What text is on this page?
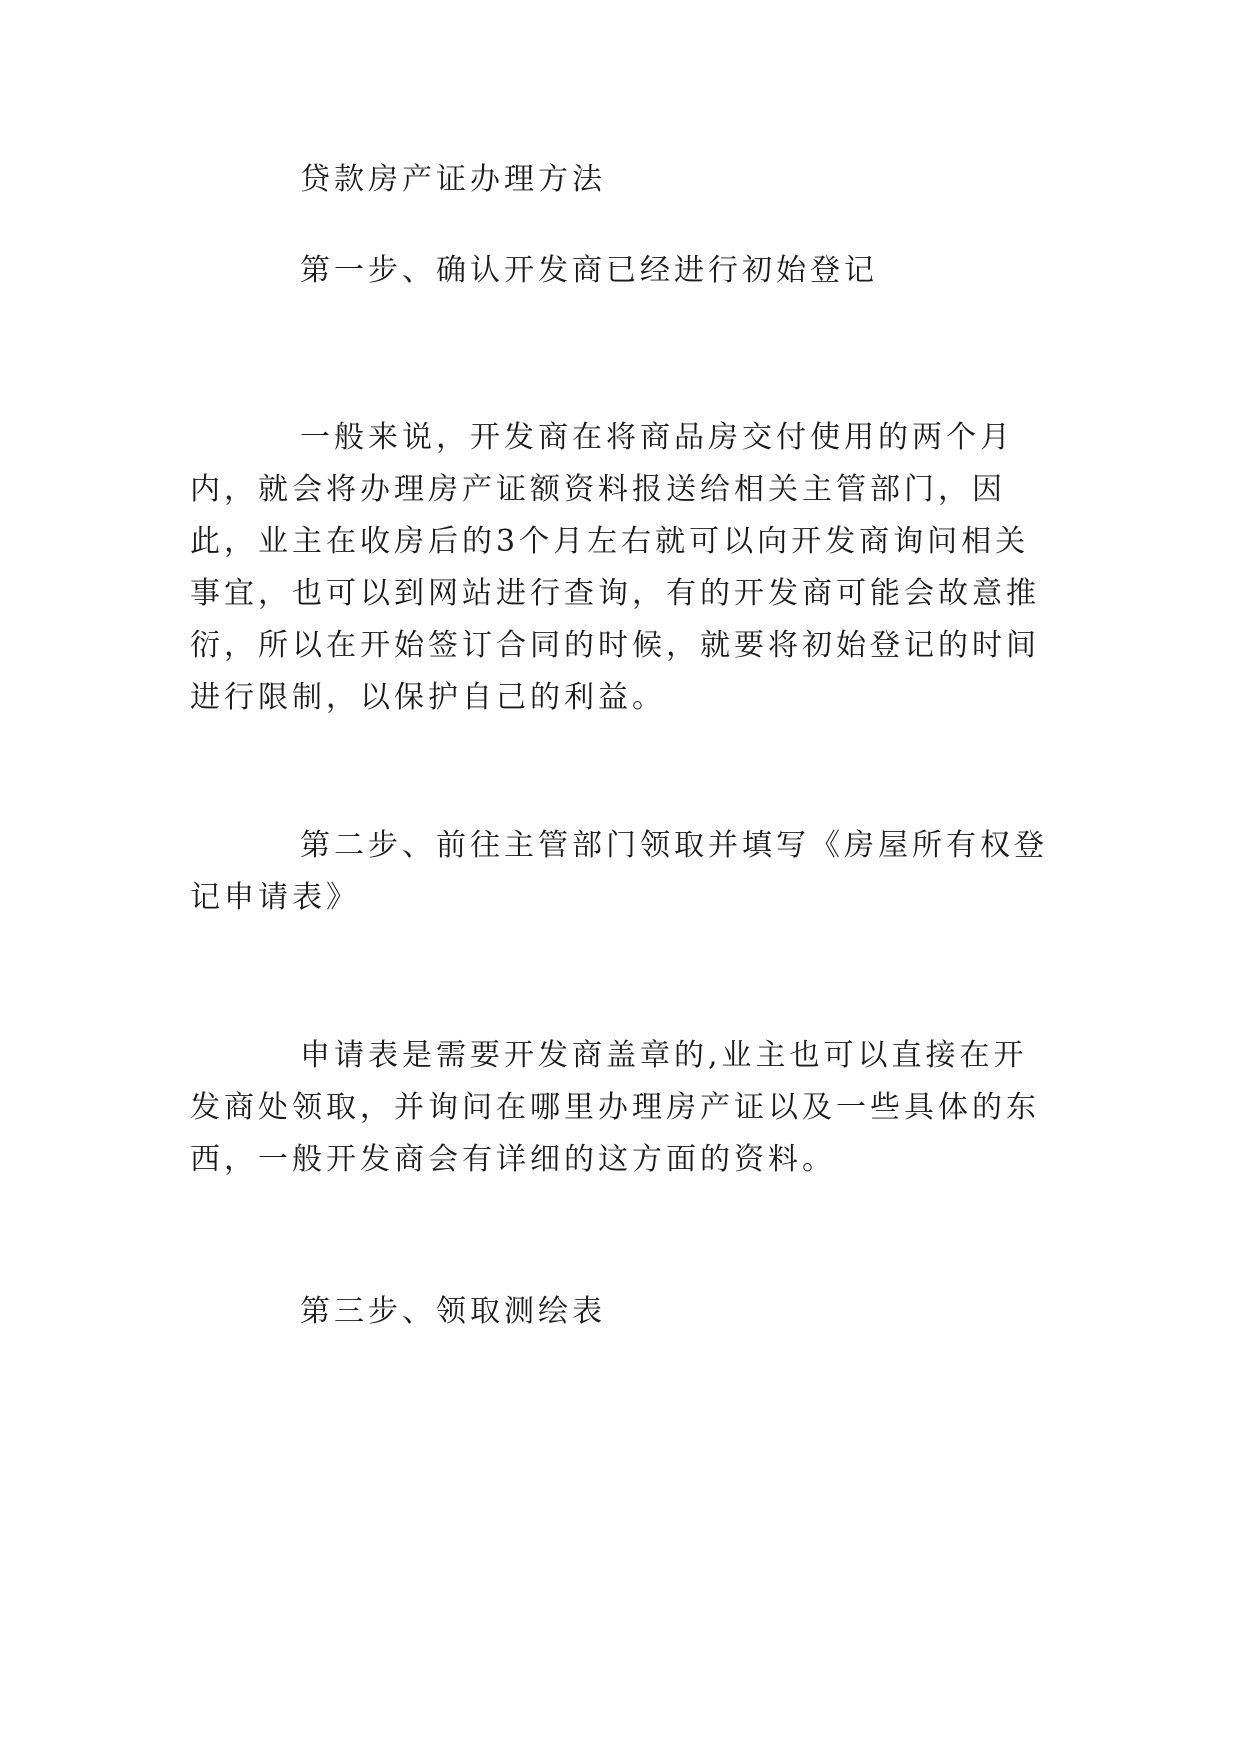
贷款房产证办理方法

第一步、确认开发商已经进行初始登记

一般来说，开发商在将商品房交付使用的两个月内，就会将办理房产证额资料报送给相关主管部门，因此，业主在收房后的3个月左右就可以向开发商询问相关事宜，也可以到网站进行查询，有的开发商可能会故意推衍，所以在开始签订合同的时候，就要将初始登记的时间进行限制，以保护自己的利益。

第二步、前往主管部门领取并填写《房屋所有权登记申请表》

申请表是需要开发商盖章的,业主也可以直接在开发商处领取，并询问在哪里办理房产证以及一些具体的东西，一般开发商会有详细的这方面的资料。

第三步、领取测绘表
